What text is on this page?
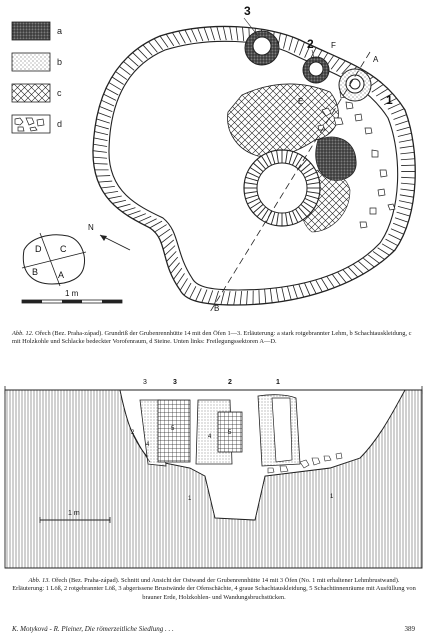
a
b
c
d
3
2
1
F
A
E
B
D C
B A
N
1 m
Abb. 12. Ořech (Bez. Praha-západ). Grundriß der Grubenrennhütte 14 mit den Öfen 1—3. Erläuterung: a stark rotgebrannter Lehm, b Schachtauskleidung, c mit Holzkohle und Schlacke bedeckter Vorofenraum, d Steine. Unten links: Freilegungssektoren A—D.
3	3	2	1
2
4
5
4
5
1	1
1 m
Abb. 13. Ořech (Bez. Praha-západ). Schnitt und Ansicht der Ostwand der Grubenrennhütte 14 mit 3 Öfen (No. 1 mit erhaltener Lehmbrustwand). Erläuterung: 1 Löß, 2 rotgebrannter Löß, 3 abgerissene Brustwände der Ofenschächte, 4 graue Schachtauskleidung, 5 Schachtinnenräume mit Ausfüllung von brauner Erde, Holzkohlen- und Wandungsbruchstücken.
K. Motyková - R. Pleiner, Die römerzeitliche Siedlung . . .	389
